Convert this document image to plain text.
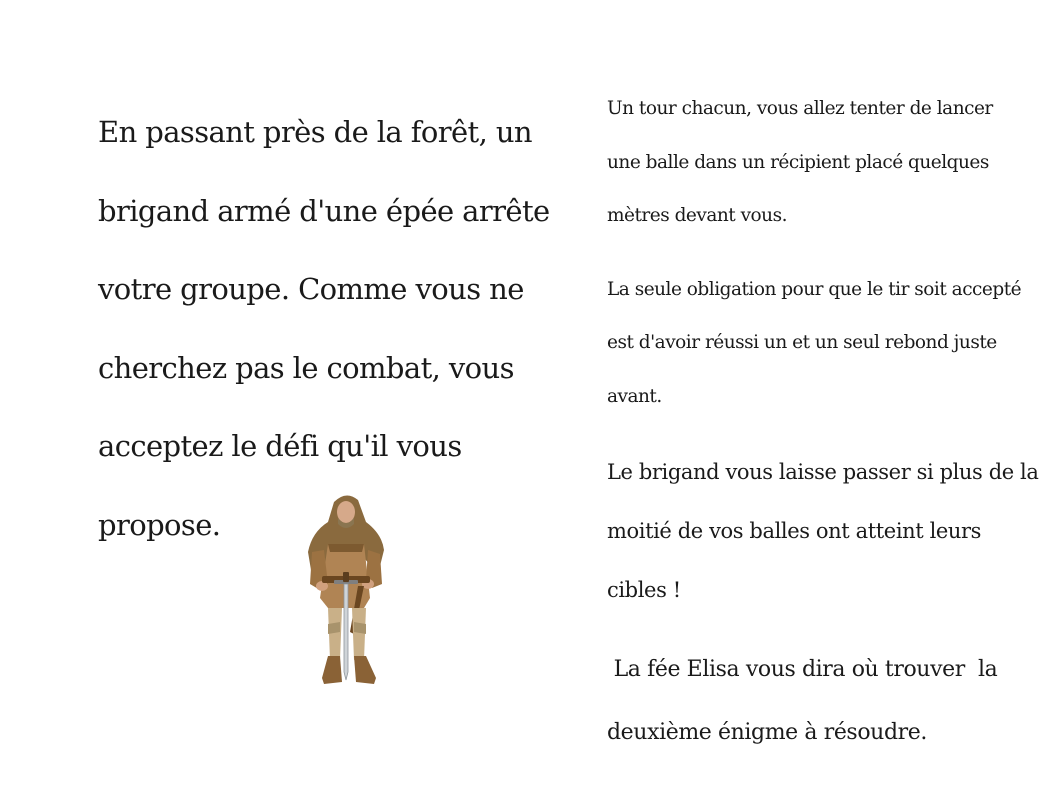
En passant près de la forêt, un

brigand armé d'une épée arrête

votre groupe. Comme vous ne

cherchez pas le combat, vous

acceptez le défi qu'il vous

propose.

Un tour chacun, vous allez tenter de lancer

une balle dans un récipient placé quelques

mètres devant vous.

La seule obligation pour que le tir soit accepté

est d'avoir réussi un et un seul rebond juste

avant.

Le brigand vous laisse passer si plus de la

moitié de vos balles ont atteint leurs

cibles !

La fée Elisa vous dira où trouver  la

deuxième énigme à résoudre.
